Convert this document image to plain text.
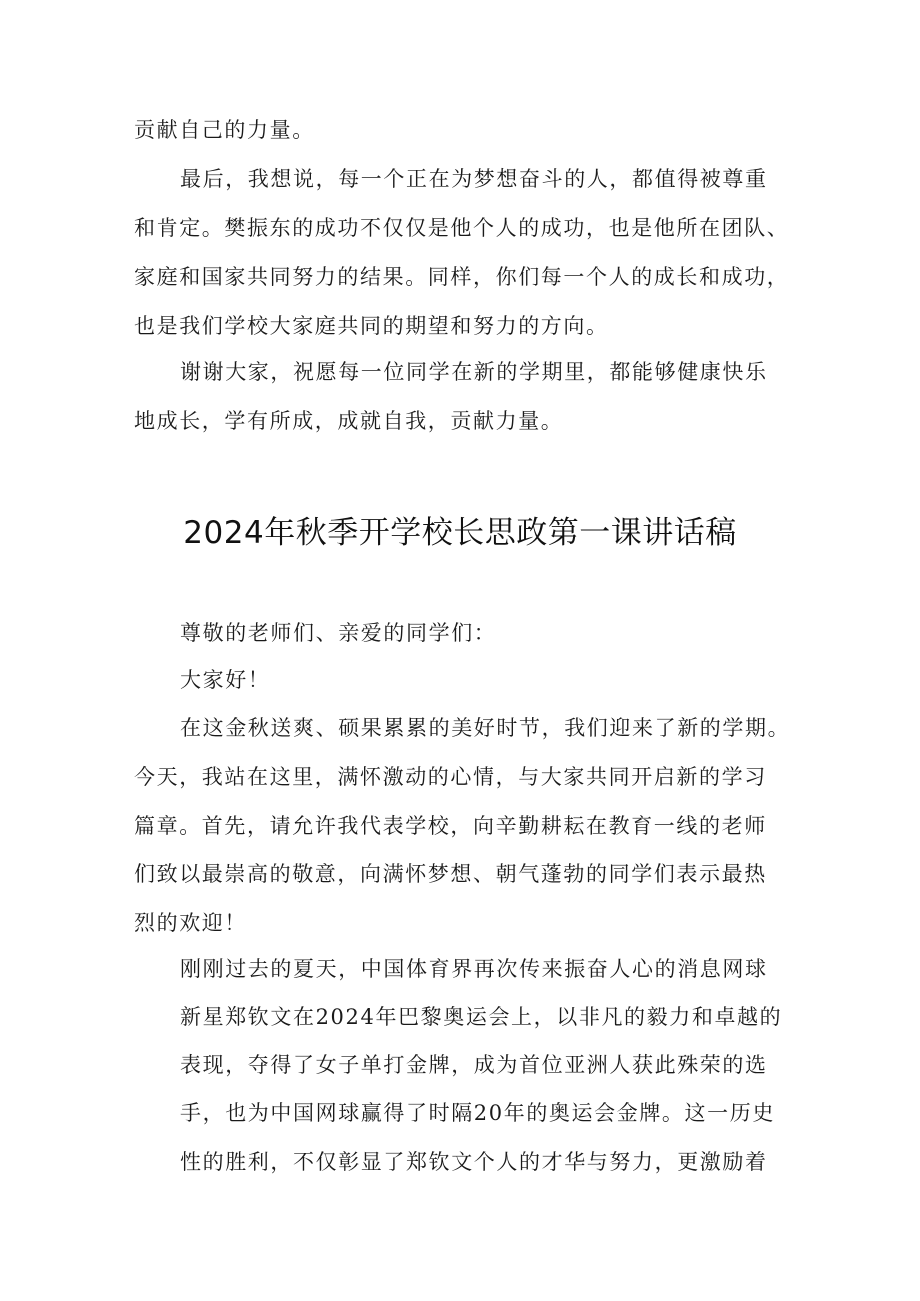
贡献自己的力量。
最后，我想说，每一个正在为梦想奋斗的人，都值得被尊重
和肯定。樊振东的成功不仅仅是他个人的成功，也是他所在团队、
家庭和国家共同努力的结果。同样，你们每一个人的成长和成功，
也是我们学校大家庭共同的期望和努力的方向。
谢谢大家，祝愿每一位同学在新的学期里，都能够健康快乐
地成长，学有所成，成就自我，贡献力量。
2024年秋季开学校长思政第一课讲话稿
尊敬的老师们、亲爱的同学们：
大家好！
在这金秋送爽、硕果累累的美好时节，我们迎来了新的学期。
今天，我站在这里，满怀激动的心情，与大家共同开启新的学习
篇章。首先，请允许我代表学校，向辛勤耕耘在教育一线的老师
们致以最崇高的敬意，向满怀梦想、朝气蓬勃的同学们表示最热
烈的欢迎！
刚刚过去的夏天，中国体育界再次传来振奋人心的消息网球
新星郑钦文在2024年巴黎奥运会上，以非凡的毅力和卓越的
表现，夺得了女子单打金牌，成为首位亚洲人获此殊荣的选
手，也为中国网球赢得了时隔20年的奥运会金牌。这一历史
性的胜利，不仅彰显了郑钦文个人的才华与努力，更激励着
